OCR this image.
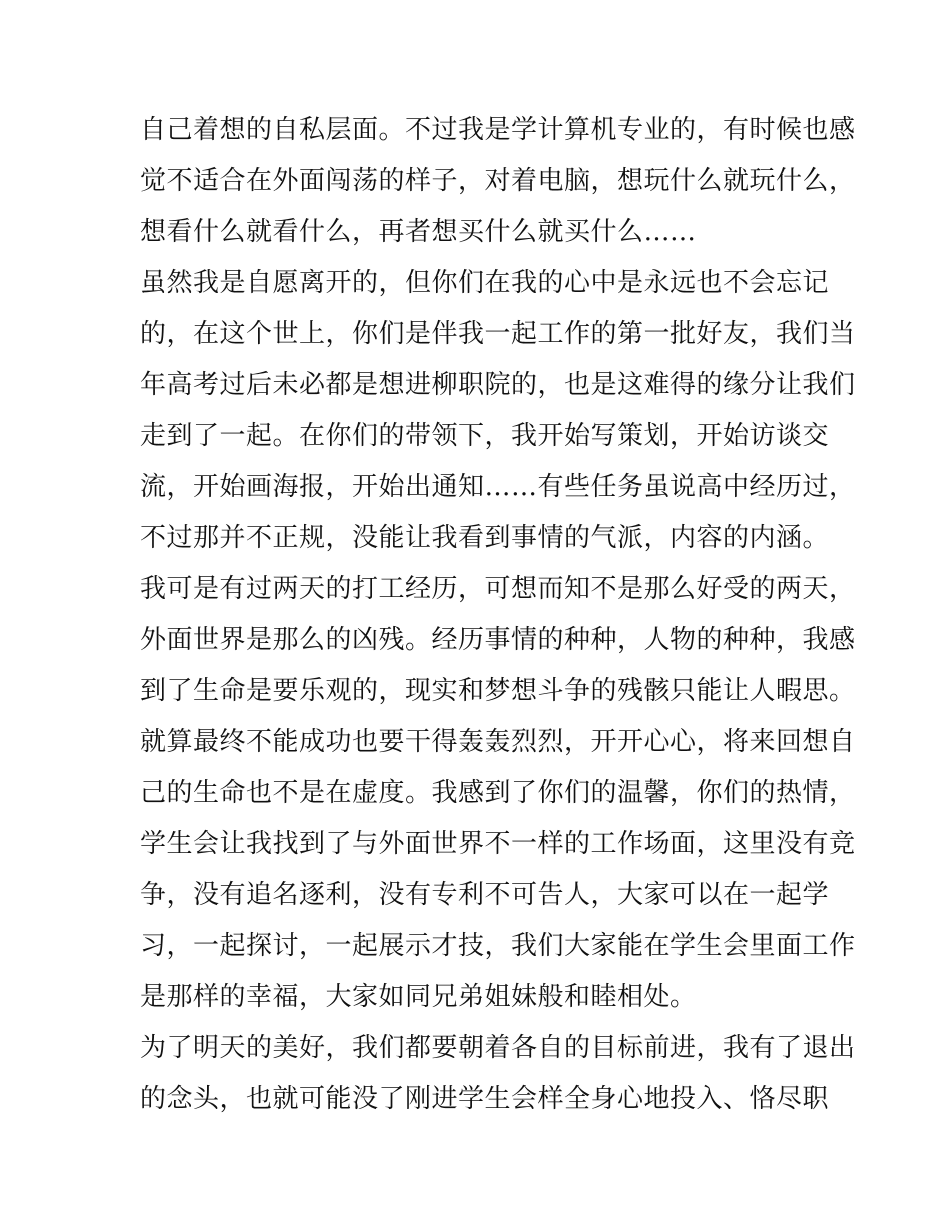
自己着想的自私层面。不过我是学计算机专业的，有时候也感
觉不适合在外面闯荡的样子，对着电脑，想玩什么就玩什么，
想看什么就看什么，再者想买什么就买什么……
虽然我是自愿离开的，但你们在我的心中是永远也不会忘记
的，在这个世上，你们是伴我一起工作的第一批好友，我们当
年高考过后未必都是想进柳职院的，也是这难得的缘分让我们
走到了一起。在你们的带领下，我开始写策划，开始访谈交
流，开始画海报，开始出通知……有些任务虽说高中经历过，
不过那并不正规，没能让我看到事情的气派，内容的内涵。
我可是有过两天的打工经历，可想而知不是那么好受的两天，
外面世界是那么的凶残。经历事情的种种，人物的种种，我感
到了生命是要乐观的，现实和梦想斗争的残骸只能让人暇思。
就算最终不能成功也要干得轰轰烈烈，开开心心，将来回想自
己的生命也不是在虚度。我感到了你们的温馨，你们的热情，
学生会让我找到了与外面世界不一样的工作场面，这里没有竞
争，没有追名逐利，没有专利不可告人，大家可以在一起学
习，一起探讨，一起展示才技，我们大家能在学生会里面工作
是那样的幸福，大家如同兄弟姐妹般和睦相处。
为了明天的美好，我们都要朝着各自的目标前进，我有了退出
的念头，也就可能没了刚进学生会样全身心地投入、恪尽职
